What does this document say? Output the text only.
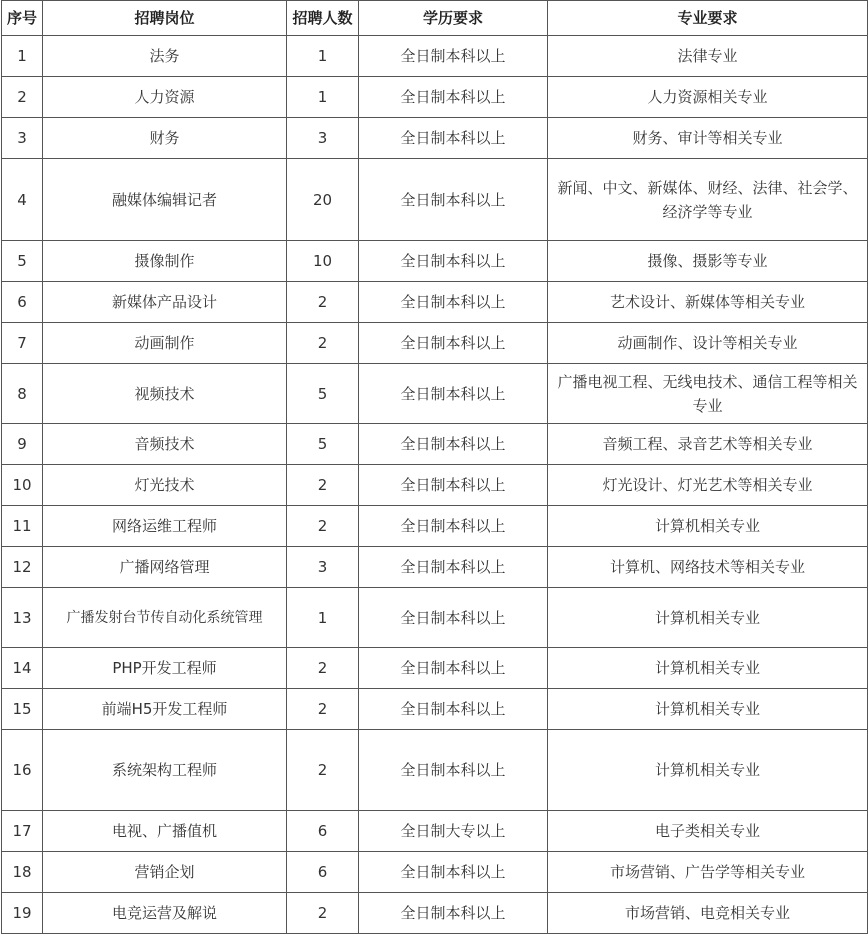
序号	招聘岗位	招聘人数	学历要求	专业要求
1	法务	1	全日制本科以上	法律专业
2	人力资源	1	全日制本科以上	人力资源相关专业
3	财务	3	全日制本科以上	财务、审计等相关专业
4	融媒体编辑记者	20	全日制本科以上	新闻、中文、新媒体、财经、法律、社会学、经济学等专业
5	摄像制作	10	全日制本科以上	摄像、摄影等专业
6	新媒体产品设计	2	全日制本科以上	艺术设计、新媒体等相关专业
7	动画制作	2	全日制本科以上	动画制作、设计等相关专业
8	视频技术	5	全日制本科以上	广播电视工程、无线电技术、通信工程等相关专业
9	音频技术	5	全日制本科以上	音频工程、录音艺术等相关专业
10	灯光技术	2	全日制本科以上	灯光设计、灯光艺术等相关专业
11	网络运维工程师	2	全日制本科以上	计算机相关专业
12	广播网络管理	3	全日制本科以上	计算机、网络技术等相关专业
13	广播发射台节传自动化系统管理	1	全日制本科以上	计算机相关专业
14	PHP开发工程师	2	全日制本科以上	计算机相关专业
15	前端H5开发工程师	2	全日制本科以上	计算机相关专业
16	系统架构工程师	2	全日制本科以上	计算机相关专业
17	电视、广播值机	6	全日制大专以上	电子类相关专业
18	营销企划	6	全日制本科以上	市场营销、广告学等相关专业
19	电竞运营及解说	2	全日制本科以上	市场营销、电竞相关专业
